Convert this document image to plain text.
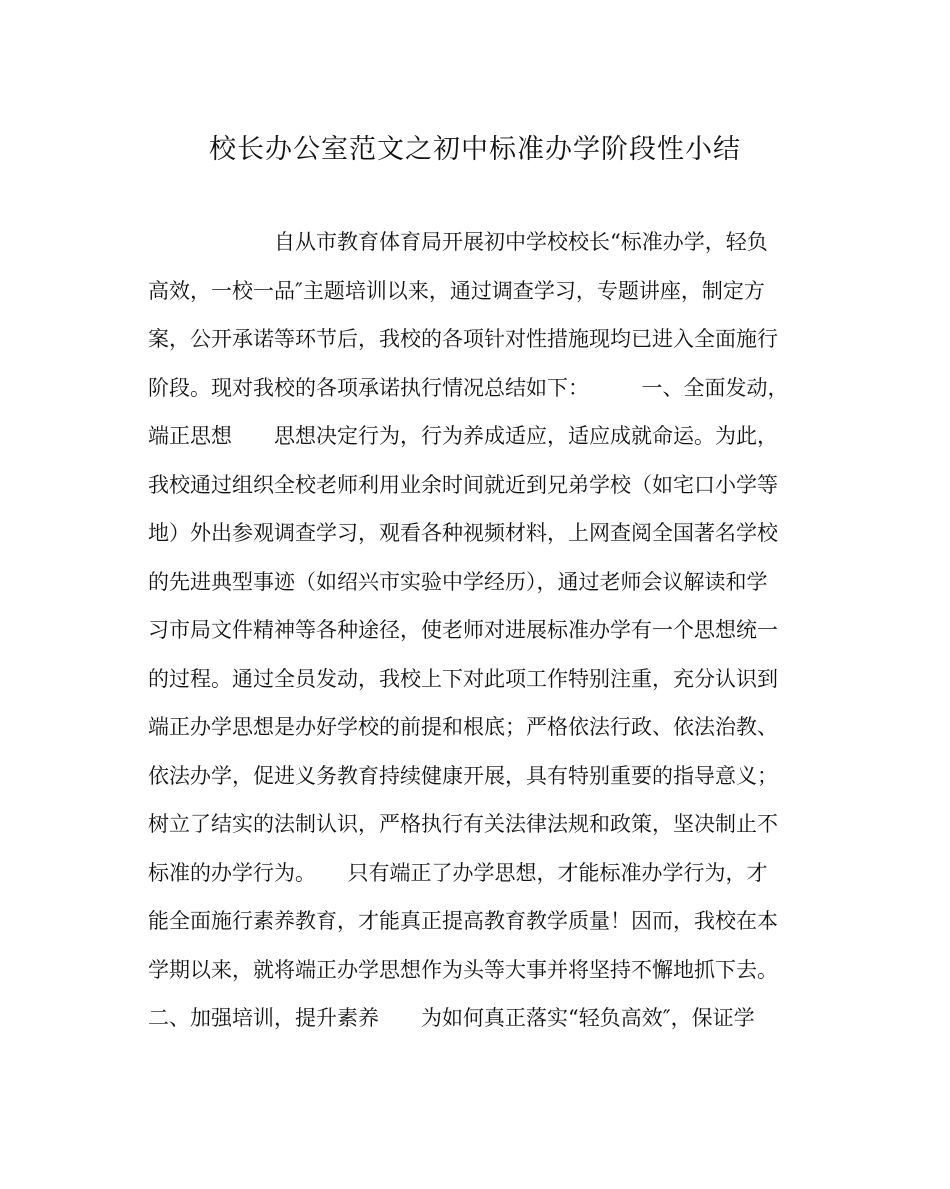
校长办公室范文之初中标准办学阶段性小结
　　　　　　自从市教育体育局开展初中学校校长“标准办学，轻负
高效，一校一品″主题培训以来，通过调查学习，专题讲座，制定方
案，公开承诺等环节后，我校的各项针对性措施现均已进入全面施行
阶段。现对我校的各项承诺执行情况总结如下：　　　一、全面发动，
端正思想　　思想决定行为，行为养成适应，适应成就命运。为此，
我校通过组织全校老师利用业余时间就近到兄弟学校（如宅口小学等
地）外出参观调查学习，观看各种视频材料，上网查阅全国著名学校
的先进典型事迹（如绍兴市实验中学经历），通过老师会议解读和学
习市局文件精神等各种途径，使老师对进展标准办学有一个思想统一
的过程。通过全员发动，我校上下对此项工作特别注重，充分认识到
端正办学思想是办好学校的前提和根底；严格依法行政、依法治教、
依法办学，促进义务教育持续健康开展，具有特别重要的指导意义；
树立了结实的法制认识，严格执行有关法律法规和政策，坚决制止不
标准的办学行为。　　只有端正了办学思想，才能标准办学行为，才
能全面施行素养教育，才能真正提高教育教学质量！因而，我校在本
学期以来，就将端正办学思想作为头等大事并将坚持不懈地抓下去。
二、加强培训，提升素养　　为如何真正落实“轻负高效″，保证学
